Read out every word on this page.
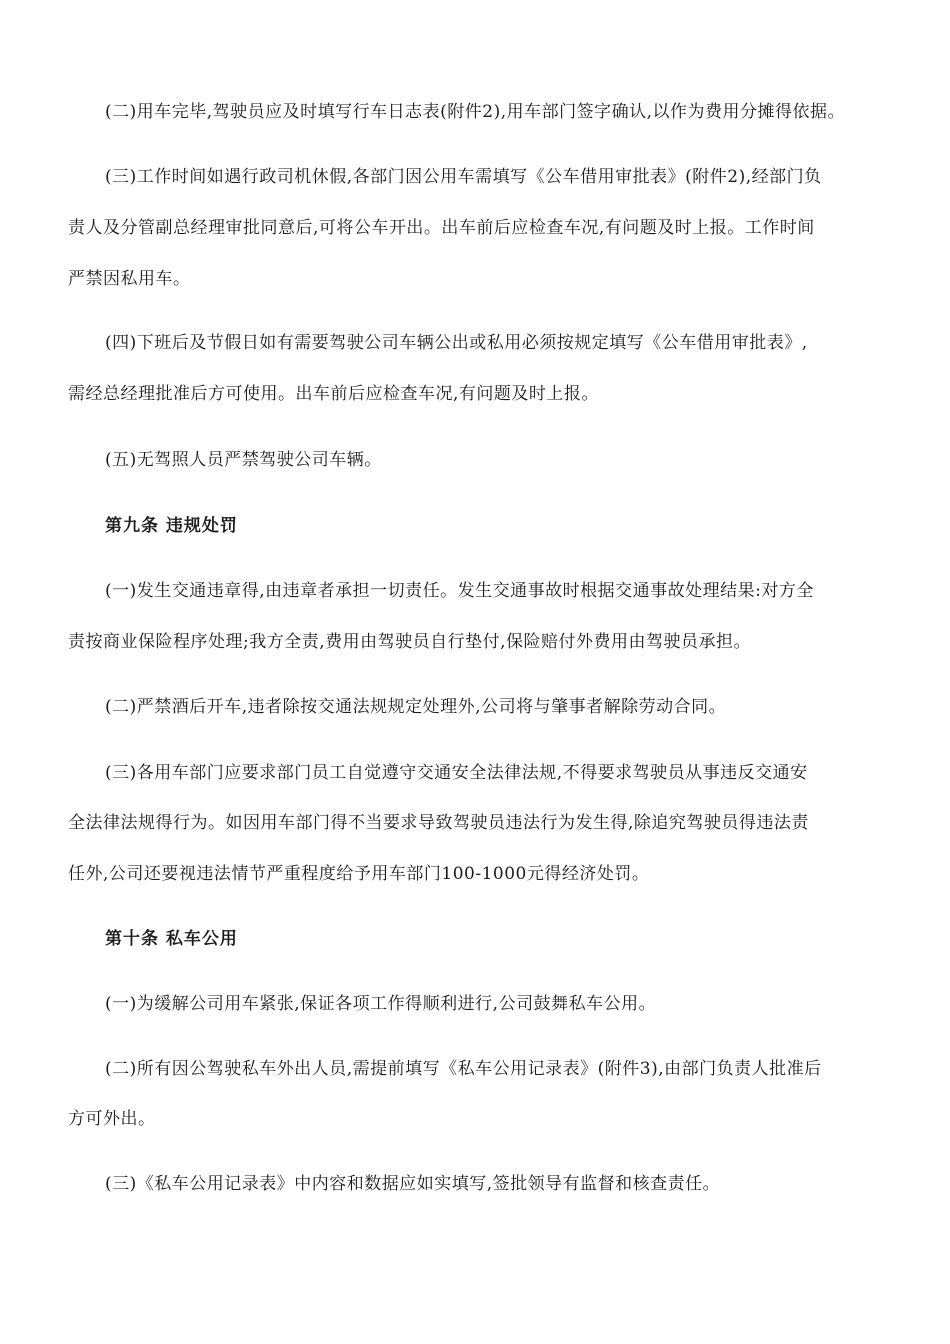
(二)用车完毕,驾驶员应及时填写行车日志表(附件2),用车部门签字确认,以作为费用分摊得依据。
(三)工作时间如遇行政司机休假,各部门因公用车需填写《公车借用审批表》(附件2),经部门负
责人及分管副总经理审批同意后,可将公车开出。出车前后应检查车况,有问题及时上报。工作时间
严禁因私用车。
(四)下班后及节假日如有需要驾驶公司车辆公出或私用必须按规定填写《公车借用审批表》,
需经总经理批准后方可使用。出车前后应检查车况,有问题及时上报。
(五)无驾照人员严禁驾驶公司车辆。
第九条 违规处罚
(一)发生交通违章得,由违章者承担一切责任。发生交通事故时根据交通事故处理结果:对方全
责按商业保险程序处理;我方全责,费用由驾驶员自行垫付,保险赔付外费用由驾驶员承担。
(二)严禁酒后开车,违者除按交通法规规定处理外,公司将与肇事者解除劳动合同。
(三)各用车部门应要求部门员工自觉遵守交通安全法律法规,不得要求驾驶员从事违反交通安
全法律法规得行为。如因用车部门得不当要求导致驾驶员违法行为发生得,除追究驾驶员得违法责
任外,公司还要视违法情节严重程度给予用车部门100-1000元得经济处罚。
第十条 私车公用
(一)为缓解公司用车紧张,保证各项工作得顺利进行,公司鼓舞私车公用。
(二)所有因公驾驶私车外出人员,需提前填写《私车公用记录表》(附件3),由部门负责人批准后
方可外出。
(三)《私车公用记录表》中内容和数据应如实填写,签批领导有监督和核查责任。
